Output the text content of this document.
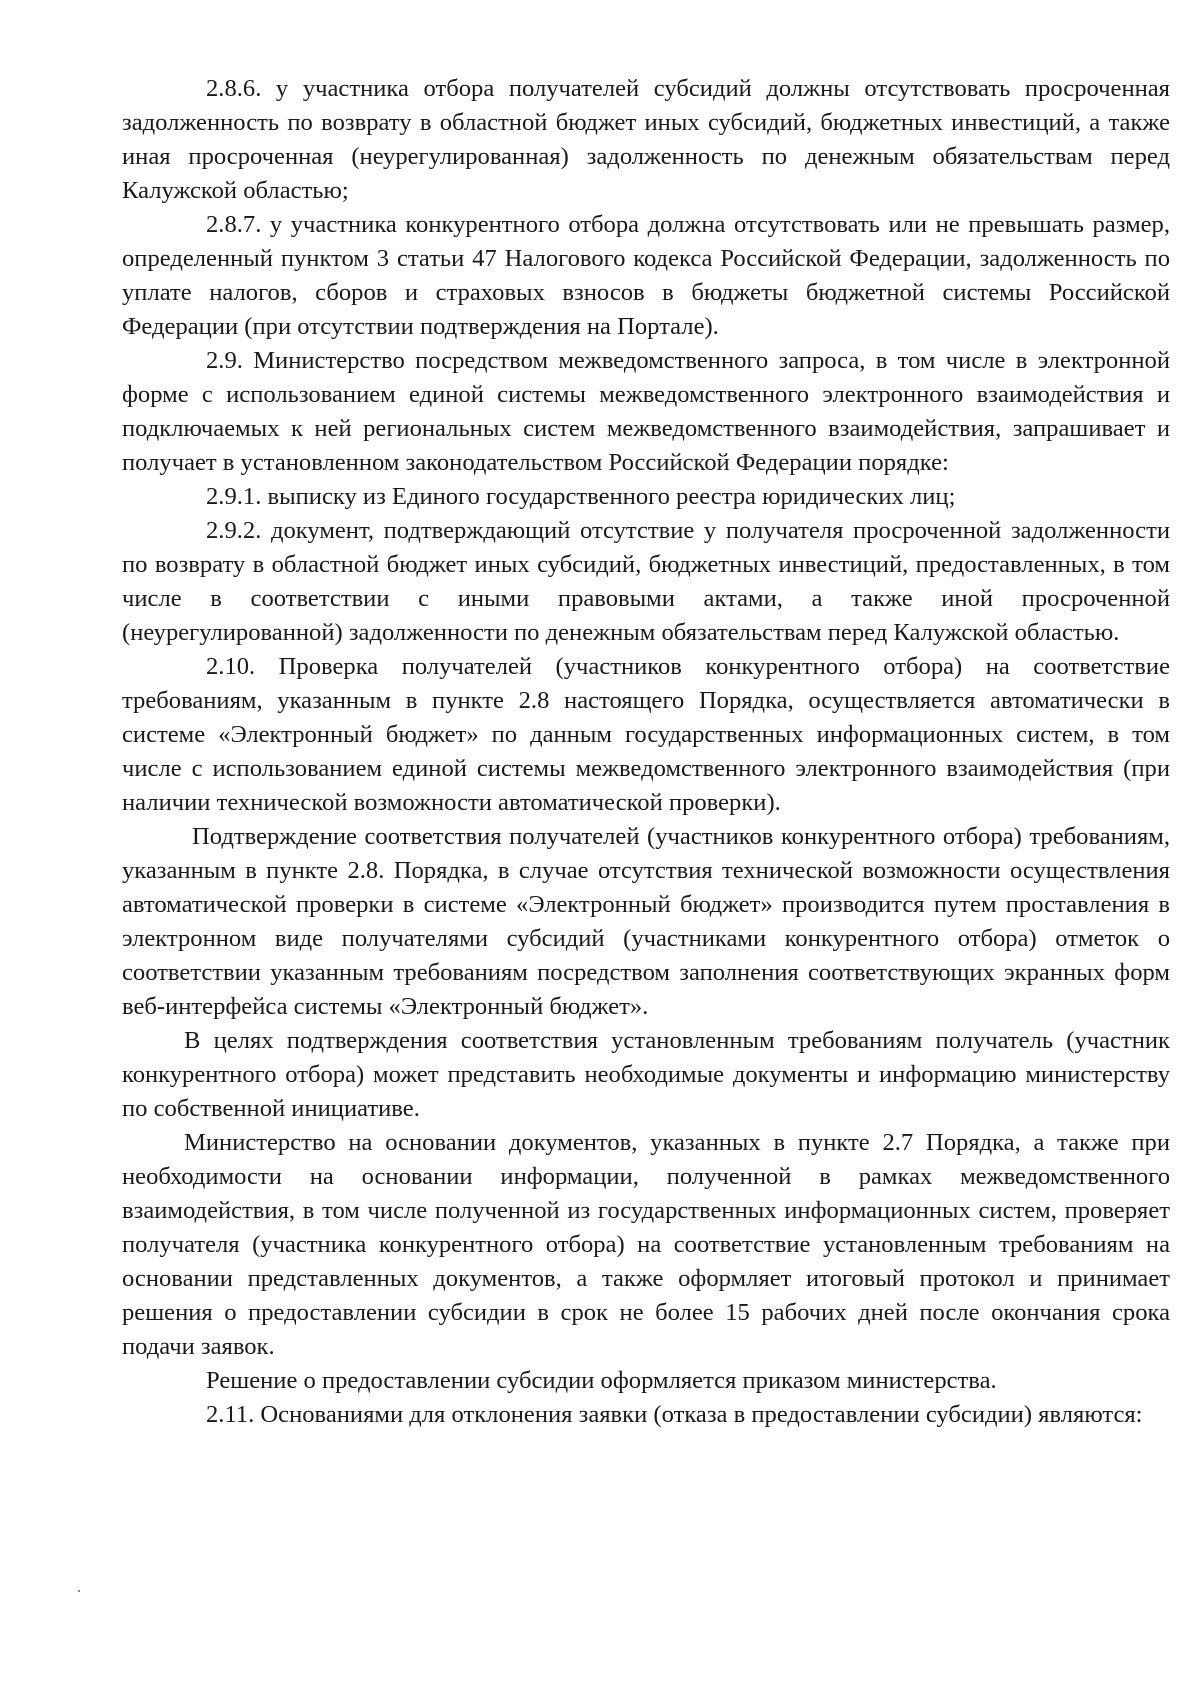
2.8.6. у участника отбора получателей субсидий должны отсутствовать просроченная задолженность по возврату в областной бюджет иных субсидий, бюджетных инвестиций, а также иная просроченная (неурегулированная) задолженность по денежным обязательствам перед Калужской областью;

2.8.7. у участника конкурентного отбора должна отсутствовать или не превышать размер, определенный пунктом 3 статьи 47 Налогового кодекса Российской Федерации, задолженность по уплате налогов, сборов и страховых взносов в бюджеты бюджетной системы Российской Федерации (при отсутствии подтверждения на Портале).

2.9. Министерство посредством межведомственного запроса, в том числе в электронной форме с использованием единой системы межведомственного электронного взаимодействия и подключаемых к ней региональных систем межведомственного взаимодействия, запрашивает и получает в установленном законодательством Российской Федерации порядке:

2.9.1. выписку из Единого государственного реестра юридических лиц;

2.9.2. документ, подтверждающий отсутствие у получателя просроченной задолженности по возврату в областной бюджет иных субсидий, бюджетных инвестиций, предоставленных, в том числе в соответствии с иными правовыми актами, а также иной просроченной (неурегулированной) задолженности по денежным обязательствам перед Калужской областью.

2.10. Проверка получателей (участников конкурентного отбора) на соответствие требованиям, указанным в пункте 2.8 настоящего Порядка, осуществляется автоматически в системе «Электронный бюджет» по данным государственных информационных систем, в том числе с использованием единой системы межведомственного электронного взаимодействия (при наличии технической возможности автоматической проверки).

Подтверждение соответствия получателей (участников конкурентного отбора) требованиям, указанным в пункте 2.8. Порядка, в случае отсутствия технической возможности осуществления автоматической проверки в системе «Электронный бюджет» производится путем проставления в электронном виде получателями субсидий (участниками конкурентного отбора) отметок о соответствии указанным требованиям посредством заполнения соответствующих экранных форм веб-интерфейса системы «Электронный бюджет».

В целях подтверждения соответствия установленным требованиям получатель (участник конкурентного отбора) может представить необходимые документы и информацию министерству по собственной инициативе.

Министерство на основании документов, указанных в пункте 2.7 Порядка, а также при необходимости на основании информации, полученной в рамках межведомственного взаимодействия, в том числе полученной из государственных информационных систем, проверяет получателя (участника конкурентного отбора) на соответствие установленным требованиям на основании представленных документов, а также оформляет итоговый протокол и принимает решения о предоставлении субсидии в срок не более 15 рабочих дней после окончания срока подачи заявок.

Решение о предоставлении субсидии оформляется приказом министерства.

2.11. Основаниями для отклонения заявки (отказа в предоставлении субсидии) являются:
